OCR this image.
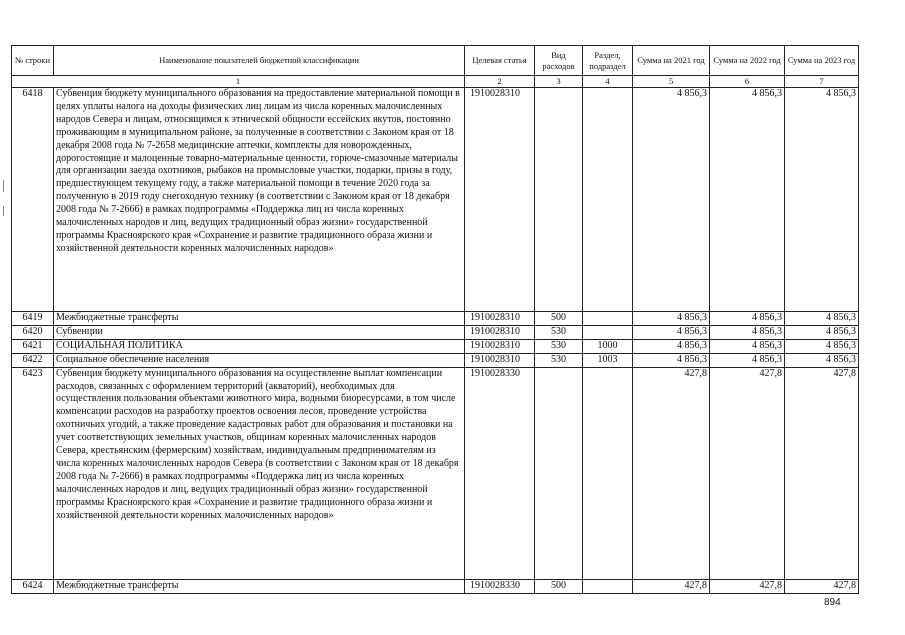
№ строки	Наименование показателей бюджетной классификации	Целевая статья	Вид расходов	Раздел, подраздел	Сумма на 2021 год	Сумма на 2022 год	Сумма на 2023 год
1		2	3	4	5	6	7
6418	Субвенция бюджету муниципального образования на предоставление материальной помощи в целях уплаты налога на доходы физических лиц лицам из числа коренных малочисленных народов Севера и лицам, относящимся к этнической общности ессейских якутов, постоянно проживающим в муниципальном районе, за полученные в соответствии с Законом края от 18 декабря 2008 года № 7-2658 медицинские аптечки, комплекты для новорожденных, дорогостоящие и малоценные товарно-материальные ценности, горюче-смазочные материалы для организации заезда охотников, рыбаков на промысловые участки, подарки, призы в году, предшествующем текущему году, а также материальной помощи в течение 2020 года за полученную в 2019 году снегоходную технику (в соответствии с Законом края от 18 декабря 2008 года № 7-2666) в рамках подпрограммы «Поддержка лиц из числа коренных малочисленных народов и лиц, ведущих традиционный образ жизни» государственной программы Красноярского края «Сохранение и развитие традиционного образа жизни и хозяйственной деятельности коренных малочисленных народов»	1910028310			4 856,3	4 856,3	4 856,3
6419	Межбюджетные трансферты	1910028310	500		4 856,3	4 856,3	4 856,3
6420	Субвенции	1910028310	530		4 856,3	4 856,3	4 856,3
6421	СОЦИАЛЬНАЯ ПОЛИТИКА	1910028310	530	1000	4 856,3	4 856,3	4 856,3
6422	Социальное обеспечение населения	1910028310	530	1003	4 856,3	4 856,3	4 856,3
6423	Субвенция бюджету муниципального образования на осуществление выплат компенсации расходов, связанных с оформлением территорий (акваторий), необходимых для осуществления пользования объектами животного мира, водными биоресурсами, в том числе компенсации расходов на разработку проектов освоения лесов, проведение устройства охотничьих угодий, а также проведение кадастровых работ для образования и постановки на учет соответствующих земельных участков, общинам коренных малочисленных народов Севера, крестьянским (фермерским) хозяйствам, индивидуальным предпринимателям из числа коренных малочисленных народов Севера (в соответствии с Законом края от 18 декабря 2008 года № 7-2666) в рамках подпрограммы «Поддержка лиц из числа коренных малочисленных народов и лиц, ведущих традиционный образ жизни» государственной программы Красноярского края «Сохранение и развитие традиционного образа жизни и хозяйственной деятельности коренных малочисленных народов»	1910028330			427,8	427,8	427,8
6424	Межбюджетные трансферты	1910028330	500		427,8	427,8	427,8
894
